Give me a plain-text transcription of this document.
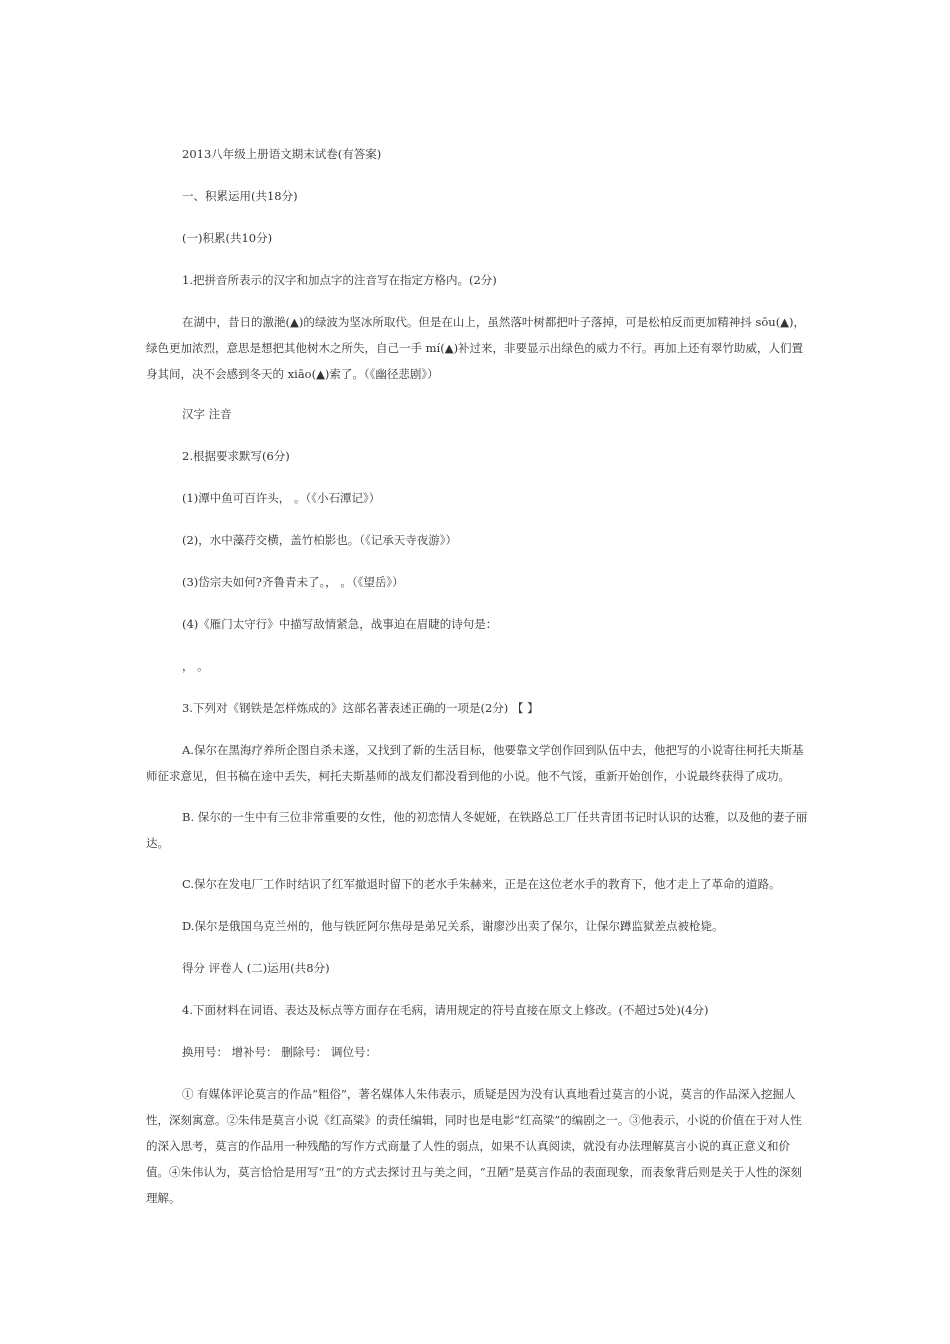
2013八年级上册语文期末试卷(有答案)

一、积累运用(共18分)

(一)积累(共10分)

1.把拼音所表示的汉字和加点字的注音写在指定方格内。(2分)

在湖中，昔日的激滟(▲)的绿波为坚冰所取代。但是在山上，虽然落叶树都把叶子落掉，可是松柏反而更加精神抖 sōu(▲)，绿色更加浓烈，意思是想把其他树木之所失，自己一手 mí(▲)补过来，非要显示出绿色的威力不行。再加上还有翠竹助威，人们置身其间，决不会感到冬天的 xiāo(▲)索了。（《幽径悲剧》）

汉字 注音

2.根据要求默写(6分)

(1)潭中鱼可百许头， 。（《小石潭记》）

(2)，水中藻荇交横，盖竹柏影也。（《记承天寺夜游》）

(3)岱宗夫如何?齐鲁青未了。， 。（《望岳》）

(4)《雁门太守行》中描写敌情紧急，战事迫在眉睫的诗句是：

， 。

3.下列对《钢铁是怎样炼成的》这部名著表述正确的一项是(2分) 【 】

A.保尔在黑海疗养所企图自杀未遂，又找到了新的生活目标，他要靠文学创作回到队伍中去，他把写的小说寄往柯托夫斯基师征求意见，但书稿在途中丢失，柯托夫斯基师的战友们都没看到他的小说。他不气馁，重新开始创作，小说最终获得了成功。

B. 保尔的一生中有三位非常重要的女性，他的初恋情人冬妮娅，在铁路总工厂任共青团书记时认识的达雅，以及他的妻子丽达。

C.保尔在发电厂工作时结识了红军撤退时留下的老水手朱赫来，正是在这位老水手的教育下，他才走上了革命的道路。

D.保尔是俄国乌克兰州的，他与铁匠阿尔焦母是弟兄关系，谢廖沙出卖了保尔，让保尔蹲监狱差点被枪毙。

得分 评卷人 (二)运用(共8分)

4.下面材料在词语、表达及标点等方面存在毛病，请用规定的符号直接在原文上修改。(不超过5处)(4分)

换用号： 增补号： 删除号： 调位号：

① 有媒体评论莫言的作品“粗俗”，著名媒体人朱伟表示，质疑是因为没有认真地看过莫言的小说，莫言的作品深入挖掘人性，深刻寓意。②朱伟是莫言小说《红高粱》的责任编辑，同时也是电影“红高粱”的编剧之一。③他表示，小说的价值在于对人性的深入思考，莫言的作品用一种残酷的写作方式商量了人性的弱点，如果不认真阅读，就没有办法理解莫言小说的真正意义和价值。④朱伟认为，莫言恰恰是用写“丑”的方式去探讨丑与美之间，“丑陋”是莫言作品的表面现象，而表象背后则是关于人性的深刻理解。
